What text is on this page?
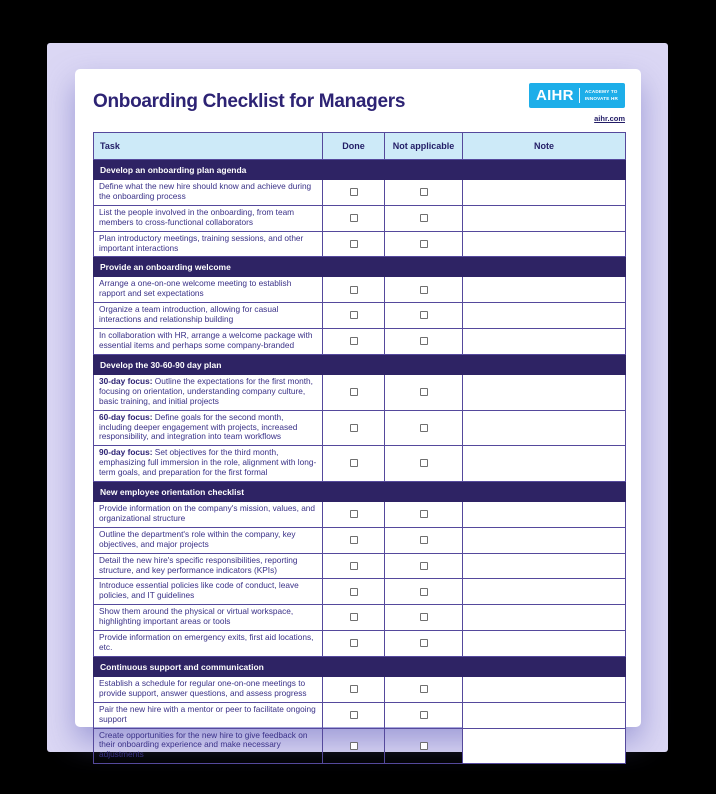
Onboarding Checklist for Managers	AIHR ACADEMY TO
INNOVATE HR

aihr.com
Task	Done	Not applicable	Note
Develop an onboarding plan agenda			
Define what the new hire should know and achieve during the onboarding process			
List the people involved in the onboarding, from team members to cross-functional collaborators			
Plan introductory meetings, training sessions, and other important interactions			
Provide an onboarding welcome			
Arrange a one-on-one welcome meeting to establish rapport and set expectations			
Organize a team introduction, allowing for casual interactions and relationship building			
In collaboration with HR, arrange a welcome package with essential items and perhaps some company-branded			
Develop the 30-60-90 day plan			
30-day focus: Outline the expectations for the first month, focusing on orientation, understanding company culture, basic training, and initial projects			
60-day focus: Define goals for the second month, including deeper engagement with projects, increased responsibility, and integration into team workflows			
90-day focus: Set objectives for the third month, emphasizing full immersion in the role, alignment with long-term goals, and preparation for the first formal			
New employee orientation checklist			
Provide information on the company's mission, values, and organizational structure			
Outline the department's role within the company, key objectives, and major projects			
Detail the new hire's specific responsibilities, reporting structure, and key performance indicators (KPIs)			
Introduce essential policies like code of conduct, leave policies, and IT guidelines			
Show them around the physical or virtual workspace, highlighting important areas or tools			
Provide information on emergency exits, first aid locations, etc.			
Continuous support and communication			
Establish a schedule for regular one-on-one meetings to provide support, answer questions, and assess progress			
Pair the new hire with a mentor or peer to facilitate ongoing support			
Create opportunities for the new hire to give feedback on their onboarding experience and make necessary adjustments			
